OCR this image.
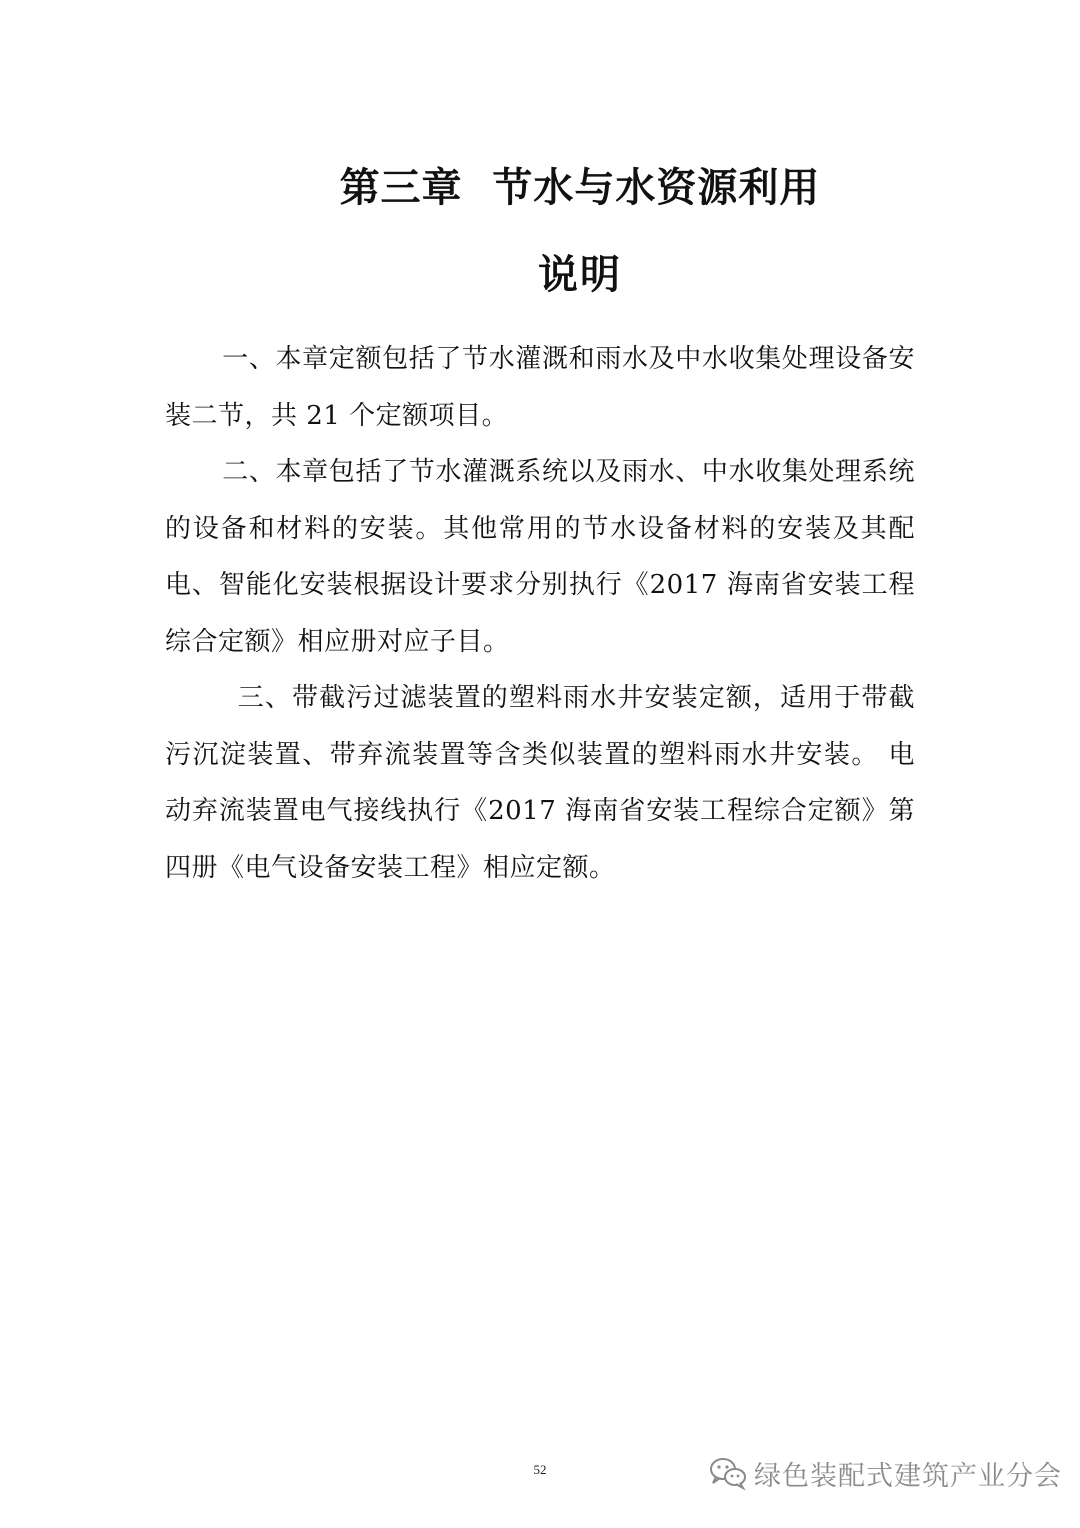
第三章  节水与水资源利用
说明

一、本章定额包括了节水灌溉和雨水及中水收集处理设备安装二节，共 21 个定额项目。

二、本章包括了节水灌溉系统以及雨水、中水收集处理系统的设备和材料的安装。其他常用的节水设备材料的安装及其配电、智能化安装根据设计要求分别执行《2017 海南省安装工程综合定额》相应册对应子目。

三、带截污过滤装置的塑料雨水井安装定额，适用于带截污沉淀装置、带弃流装置等含类似装置的塑料雨水井安装。 电动弃流装置电气接线执行《2017 海南省安装工程综合定额》第四册《电气设备安装工程》相应定额。

52	绿色装配式建筑产业分会
